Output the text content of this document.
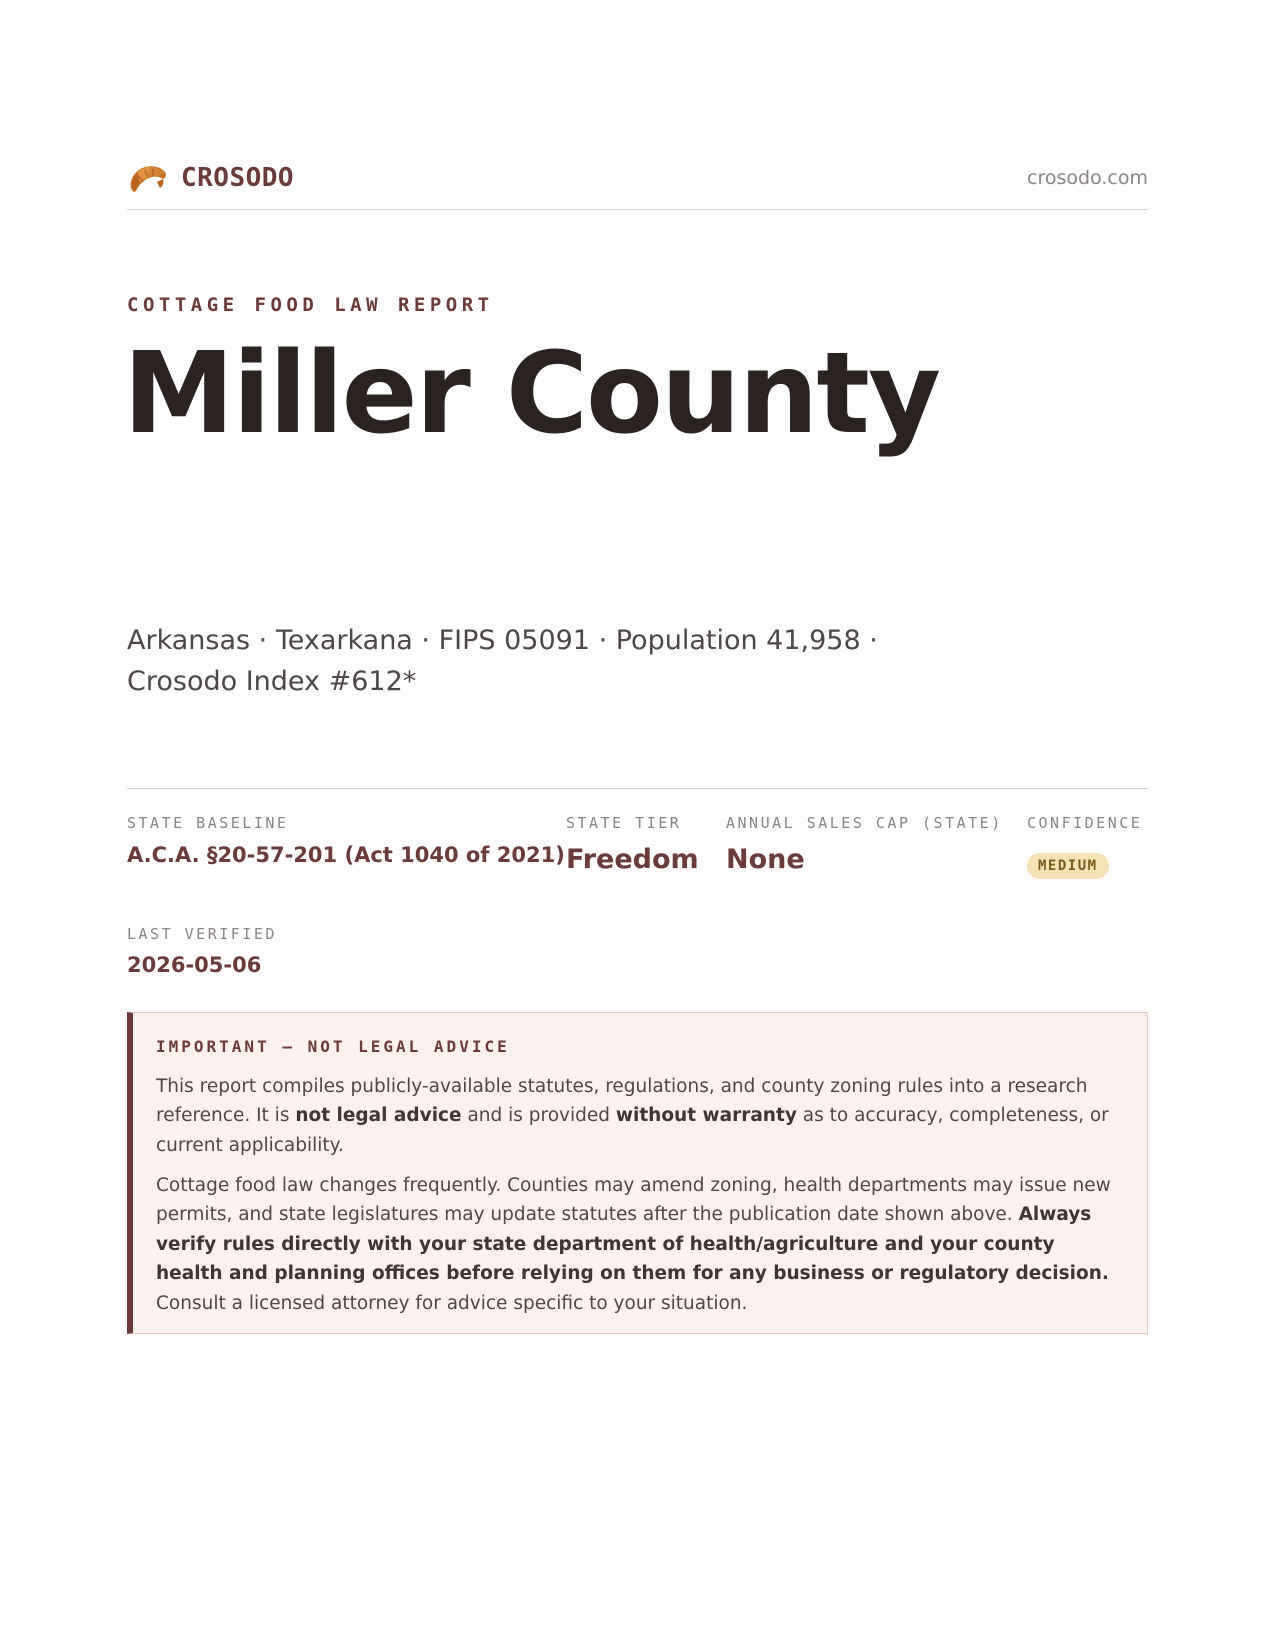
CROSODO	crosodo.com
COTTAGE FOOD LAW REPORT
Miller County
Arkansas · Texarkana · FIPS 05091 · Population 41,958 ·
Crosodo Index #612*
STATE BASELINE
A.C.A. §20-57-201 (Act 1040 of 2021)
STATE TIER
Freedom
ANNUAL SALES CAP (STATE)
None
CONFIDENCE
MEDIUM
LAST VERIFIED
2026-05-06
IMPORTANT — NOT LEGAL ADVICE

This report compiles publicly-available statutes, regulations, and county zoning rules into a research reference. It is not legal advice and is provided without warranty as to accuracy, completeness, or current applicability.

Cottage food law changes frequently. Counties may amend zoning, health departments may issue new permits, and state legislatures may update statutes after the publication date shown above. Always verify rules directly with your state department of health/agriculture and your county health and planning offices before relying on them for any business or regulatory decision. Consult a licensed attorney for advice specific to your situation.
